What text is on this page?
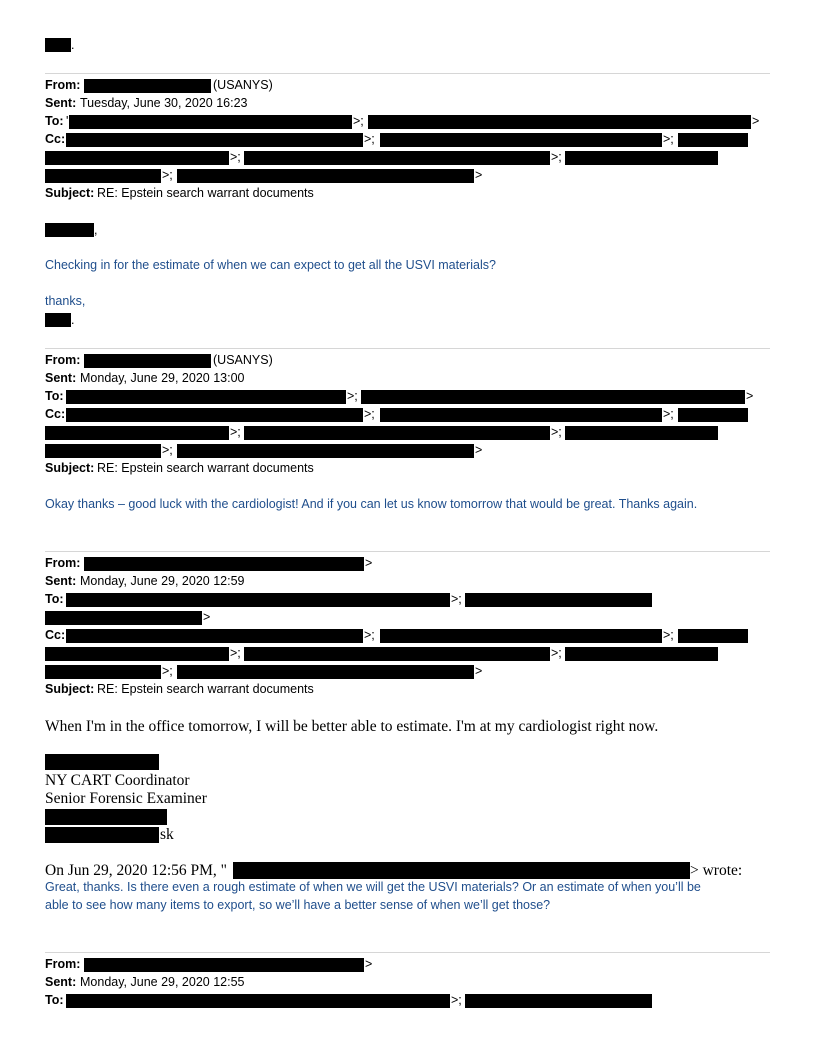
.
From:	(USANYS)
Sent: Tuesday, June 30, 2020 16:23
To: '	>;	>
Cc:	>;	>;
>;	>;
>;	>
Subject: RE: Epstein search warrant documents
,
Checking in for the estimate of when we can expect to get all the USVI materials?
thanks,
.
From:	(USANYS)
Sent: Monday, June 29, 2020 13:00
To:	>;	>
Cc:	>;	>;
>;	>;
>;	>
Subject: RE: Epstein search warrant documents
Okay thanks – good luck with the cardiologist! And if you can let us know tomorrow that would be great. Thanks again.
From:	>
Sent: Monday, June 29, 2020 12:59
To:	>;
>
Cc:	>;	>;
>;	>;
>;	>
Subject: RE: Epstein search warrant documents
When I'm in the office tomorrow, I will be better able to estimate. I'm at my cardiologist right now.
NY CART Coordinator
Senior Forensic Examiner
sk
On Jun 29, 2020 12:56 PM, "	> wrote:
Great, thanks. Is there even a rough estimate of when we will get the USVI materials? Or an estimate of when you’ll be
able to see how many items to export, so we’ll have a better sense of when we’ll get those?
From:	>
Sent: Monday, June 29, 2020 12:55
To:	>;
